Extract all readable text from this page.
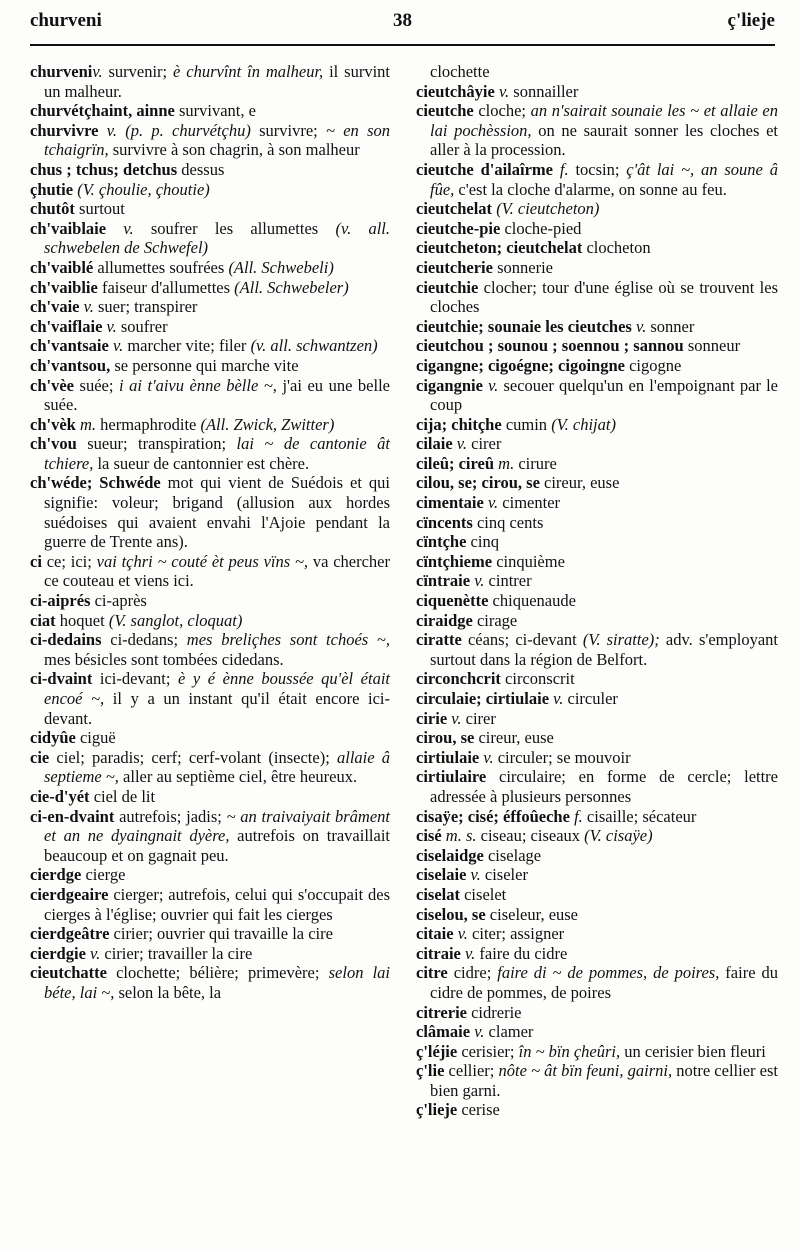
churveni	38	ç'lieje

churveniv. survenir; è churvînt în malheur, il survint un malheur.

churvétçhaint, ainne survivant, e

churvivre v. (p. p. churvétçhu) survivre; ~ en son tchaigrïn, survivre à son chagrin, à son malheur

chus ; tchus; detchus dessus

çhutie (V. çhoulie, çhoutie)

chutôt surtout

ch'vaiblaie v. soufrer les allumettes (v. all. schwebelen de Schwefel)

ch'vaiblé allumettes soufrées (All. Schwebeli)

ch'vaiblie faiseur d'allumettes (All. Schwebeler)

ch'vaie v. suer; transpirer

ch'vaiflaie v. soufrer

ch'vantsaie v. marcher vite; filer (v. all. schwantzen)

ch'vantsou, se personne qui marche vite

ch'vèe suée; i ai t'aivu ènne bèlle ~, j'ai eu une belle suée.

ch'vèk m. hermaphrodite (All. Zwick, Zwitter)

ch'vou sueur; transpiration; lai ~ de cantonie ât tchiere, la sueur de cantonnier est chère.

ch'wéde; Schwéde mot qui vient de Suédois et qui signifie: voleur; brigand (allusion aux hordes suédoises qui avaient envahi l'Ajoie pendant la guerre de Trente ans).

ci ce; ici; vai tçhri ~ couté èt peus vïns ~, va chercher ce couteau et viens ici.

ci-aiprés ci-après

ciat hoquet (V. sanglot, cloquat)

ci-dedains ci-dedans; mes breliçhes sont tchoés ~, mes bésicles sont tombées cidedans.

ci-dvaint ici-devant; è y é ènne boussée qu'èl était encoé ~, il y a un instant qu'il était encore ici-devant.

cidyûe ciguë

cie ciel; paradis; cerf; cerf-volant (insecte); allaie â septieme ~, aller au septième ciel, être heureux.

cie-d'yét ciel de lit

ci-en-dvaint autrefois; jadis; ~ an traivaiyait brâment et an ne dyaingnait dyère, autrefois on travaillait beaucoup et on gagnait peu.

cierdge cierge

cierdgeaire cierger; autrefois, celui qui s'occupait des cierges à l'église; ouvrier qui fait les cierges

cierdgeâtre cirier; ouvrier qui travaille la cire

cierdgie v. cirier; travailler la cire

cieutchatte clochette; bélière; primevère; selon lai béte, lai ~, selon la bête, la

clochette

cieutchâyie v. sonnailler

cieutche cloche; an n'sairait sounaie les ~ et allaie en lai pochèssion, on ne saurait sonner les cloches et aller à la procession.

cieutche d'ailaîrme f. tocsin; ç'ât lai ~, an soune â fûe, c'est la cloche d'alarme, on sonne au feu.

cieutchelat (V. cieutcheton)

cieutche-pie cloche-pied

cieutcheton; cieutchelat clocheton

cieutcherie sonnerie

cieutchie clocher; tour d'une église où se trouvent les cloches

cieutchie; sounaie les cieutches v. sonner

cieutchou ; sounou ; soennou ; sannou sonneur

cigangne; cigoégne; cigoingne cigogne

cigangnie v. secouer quelqu'un en l'empoignant par le coup

cija; chitçhe cumin (V. chijat)

cilaie v. cirer

cileû; cireû m. cirure

cilou, se; cirou, se cireur, euse

cimentaie v. cimenter

cïncents cinq cents

cïntçhe cinq

cïntçhieme cinquième

cïntraie v. cintrer

ciquenètte chiquenaude

ciraidge cirage

ciratte céans; ci-devant (V. siratte); adv. s'employant surtout dans la région de Belfort.

circonchcrit circonscrit

circulaie; cirtiulaie v. circuler

cirie v. cirer

cirou, se cireur, euse

cirtiulaie v. circuler; se mouvoir

cirtiulaire circulaire; en forme de cercle; lettre adressée à plusieurs personnes

cisaÿe; cisé; éffoûeche f. cisaille; sécateur

cisé m. s. ciseau; ciseaux (V. cisaÿe)

ciselaidge ciselage

ciselaie v. ciseler

ciselat ciselet

ciselou, se ciseleur, euse

citaie v. citer; assigner

citraie v. faire du cidre

citre cidre; faire di ~ de pommes, de poires, faire du cidre de pommes, de poires

citrerie cidrerie

clâmaie v. clamer

ç'léjie cerisier; în ~ bïn çheûri, un cerisier bien fleuri

ç'lie cellier; nôte ~ ât bïn feuni, gairni, notre cellier est bien garni.

ç'lieje cerise
